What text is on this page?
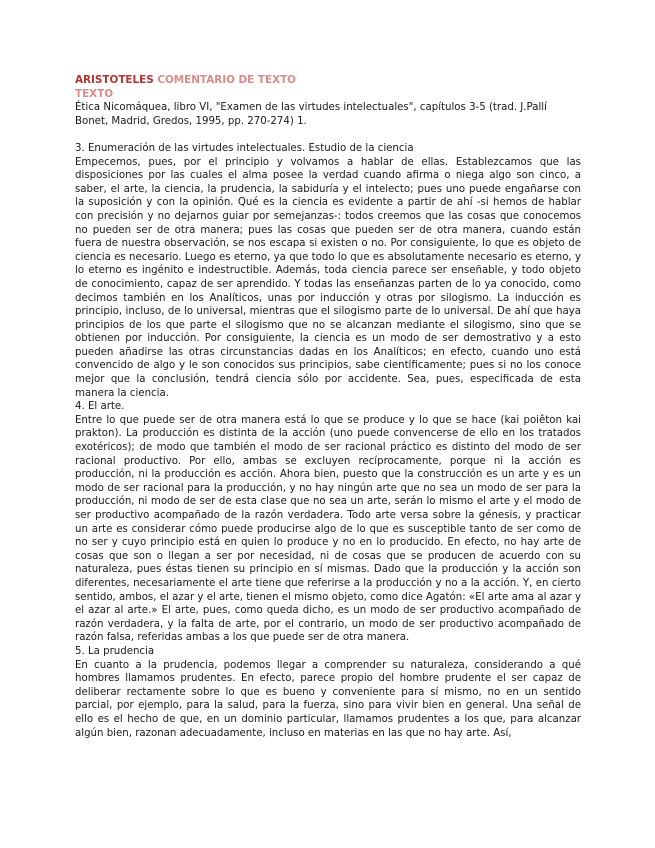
ARISTOTELES COMENTARIO DE TEXTO

TEXTO

Ética Nicomáquea, libro VI, "Examen de las virtudes intelectuales", capítulos 3-5 (trad. J.Pallí Bonet, Madrid, Gredos, 1995, pp. 270-274) 1.

3. Enumeración de las virtudes intelectuales. Estudio de la ciencia

Empecemos, pues, por el principio y volvamos a hablar de ellas. Establezcamos que las disposiciones por las cuales el alma posee la verdad cuando afirma o niega algo son cinco, a saber, el arte, la ciencia, la prudencia, la sabiduría y el intelecto; pues uno puede engañarse con la suposición y con la opinión. Qué es la ciencia es evidente a partir de ahí -si hemos de hablar con precisión y no dejarnos guiar por semejanzas-: todos creemos que las cosas que conocemos no pueden ser de otra manera; pues las cosas que pueden ser de otra manera, cuando están fuera de nuestra observación, se nos escapa si existen o no. Por consiguiente, lo que es objeto de ciencia es necesario. Luego es eterno, ya que todo lo que es absolutamente necesario es eterno, y lo eterno es ingénito e indestructible. Además, toda ciencia parece ser enseñable, y todo objeto de conocimiento, capaz de ser aprendido. Y todas las enseñanzas parten de lo ya conocido, como decimos también en los Analíticos, unas por inducción y otras por silogismo. La inducción es principio, incluso, de lo universal, mientras que el silogismo parte de lo universal. De ahí que haya principios de los que parte el silogismo que no se alcanzan mediante el silogismo, sino que se obtienen por inducción. Por consiguiente, la ciencia es un modo de ser demostrativo y a esto pueden añadirse las otras circunstancias dadas en los Analíticos; en efecto, cuando uno está convencido de algo y le son conocidos sus principios, sabe científicamente; pues si no los conoce mejor que la conclusión, tendrá ciencia sólo por accidente. Sea, pues, especificada de esta manera la ciencia.

4. El arte.

Entre lo que puede ser de otra manera está lo que se produce y lo que se hace (kai poiêton kai prakton). La producción es distinta de la acción (uno puede convencerse de ello en los tratados exotéricos); de modo que también el modo de ser racional práctico es distinto del modo de ser racional productivo. Por ello, ambas se excluyen recíprocamente, porque ni la acción es producción, ni la producción es acción. Ahora bien, puesto que la construcción es un arte y es un modo de ser racional para la producción, y no hay ningún arte que no sea un modo de ser para la producción, ni modo de ser de esta clase que no sea un arte, serán lo mismo el arte y el modo de ser productivo acompañado de la razón verdadera. Todo arte versa sobre la génesis, y practicar un arte es considerar cómo puede producirse algo de lo que es susceptible tanto de ser como de no ser y cuyo principio está en quien lo produce y no en lo producido. En efecto, no hay arte de cosas que son o llegan a ser por necesidad, ni de cosas que se producen de acuerdo con su naturaleza, pues éstas tienen su principio en sí mismas. Dado que la producción y la acción son diferentes, necesariamente el arte tiene que referirse a la producción y no a la acción. Y, en cierto sentido, ambos, el azar y el arte, tienen el mismo objeto, como dice Agatón: «El arte ama al azar y el azar al arte.» El arte, pues, como queda dicho, es un modo de ser productivo acompañado de razón verdadera, y la falta de arte, por el contrario, un modo de ser productivo acompañado de razón falsa, referidas ambas a los que puede ser de otra manera.

5. La prudencia

En cuanto a la prudencia, podemos llegar a comprender su naturaleza, considerando a qué hombres llamamos prudentes. En efecto, parece propio del hombre prudente el ser capaz de deliberar rectamente sobre lo que es bueno y conveniente para sí mismo, no en un sentido parcial, por ejemplo, para la salud, para la fuerza, sino para vivir bien en general. Una señal de ello es el hecho de que, en un dominio particular, llamamos prudentes a los que, para alcanzar algún bien, razonan adecuadamente, incluso en materias en las que no hay arte. Así,
